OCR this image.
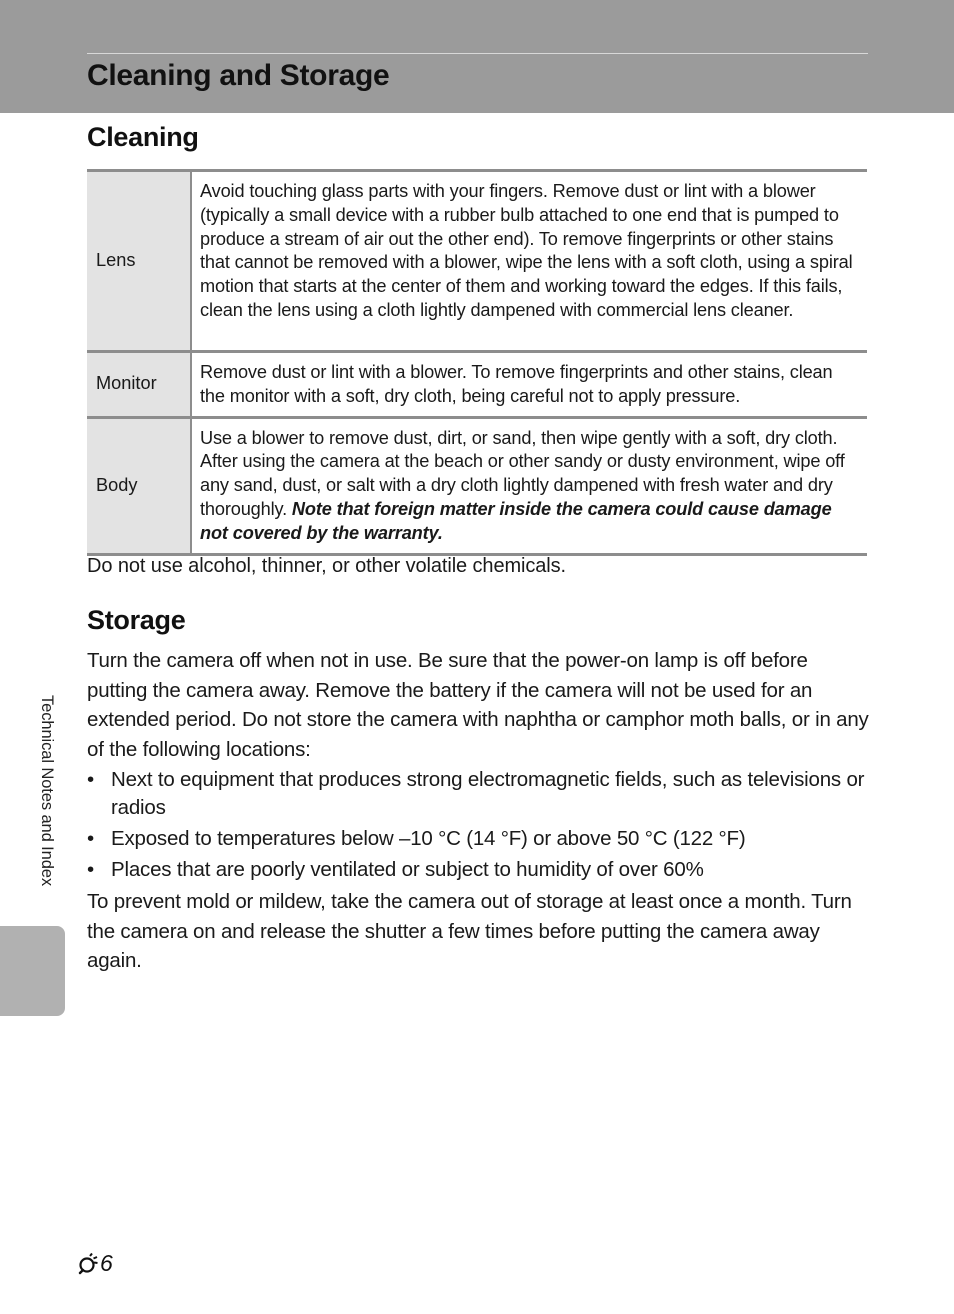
Cleaning and Storage
Cleaning
Lens	Avoid touching glass parts with your fingers. Remove dust or lint with a blower (typically a small device with a rubber bulb attached to one end that is pumped to produce a stream of air out the other end). To remove fingerprints or other stains that cannot be removed with a blower, wipe the lens with a soft cloth, using a spiral motion that starts at the center of them and working toward the edges. If this fails, clean the lens using a cloth lightly dampened with commercial lens cleaner.
Monitor	Remove dust or lint with a blower. To remove fingerprints and other stains, clean the monitor with a soft, dry cloth, being careful not to apply pressure.
Body	Use a blower to remove dust, dirt, or sand, then wipe gently with a soft, dry cloth. After using the camera at the beach or other sandy or dusty environment, wipe off any sand, dust, or salt with a dry cloth lightly dampened with fresh water and dry thoroughly. Note that foreign matter inside the camera could cause damage not covered by the warranty.

Do not use alcohol, thinner, or other volatile chemicals.

Storage

Turn the camera off when not in use. Be sure that the power-on lamp is off before putting the camera away. Remove the battery if the camera will not be used for an extended period. Do not store the camera with naphtha or camphor moth balls, or in any of the following locations:

• Next to equipment that produces strong electromagnetic fields, such as televisions or radios
• Exposed to temperatures below –10 °C (14 °F) or above 50 °C (122 °F)
• Places that are poorly ventilated or subject to humidity of over 60%

To prevent mold or mildew, take the camera out of storage at least once a month. Turn the camera on and release the shutter a few times before putting the camera away again.

Technical Notes and Index
6
